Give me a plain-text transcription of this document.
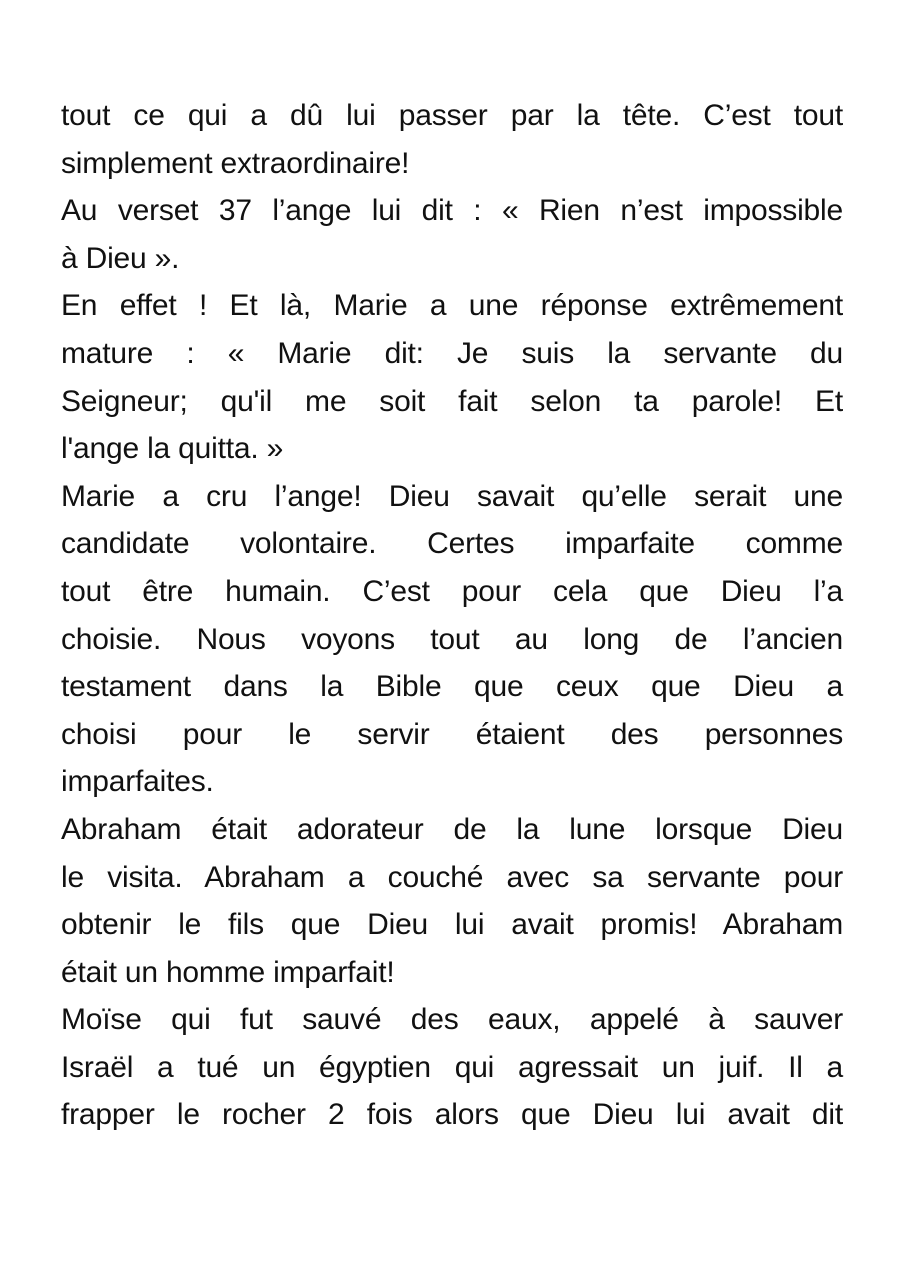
tout ce qui a dû lui passer par la tête. C’est tout
simplement extraordinaire!
Au verset 37 l’ange lui dit : « Rien n’est impossible
à Dieu ».
En effet ! Et là, Marie a une réponse extrêmement
mature : « Marie dit: Je suis la servante du
Seigneur; qu'il me soit fait selon ta parole! Et
l'ange la quitta. »
Marie a cru l’ange! Dieu savait qu’elle serait une
candidate volontaire. Certes imparfaite comme
tout être humain. C’est pour cela que Dieu l’a
choisie. Nous voyons tout au long de l’ancien
testament dans la Bible que ceux que Dieu a
choisi pour le servir étaient des personnes
imparfaites.
Abraham était adorateur de la lune lorsque Dieu
le visita. Abraham a couché avec sa servante pour
obtenir le fils que Dieu lui avait promis! Abraham
était un homme imparfait!
Moïse qui fut sauvé des eaux, appelé à sauver
Israël a tué un égyptien qui agressait un juif. Il a
frapper le rocher 2 fois alors que Dieu lui avait dit
